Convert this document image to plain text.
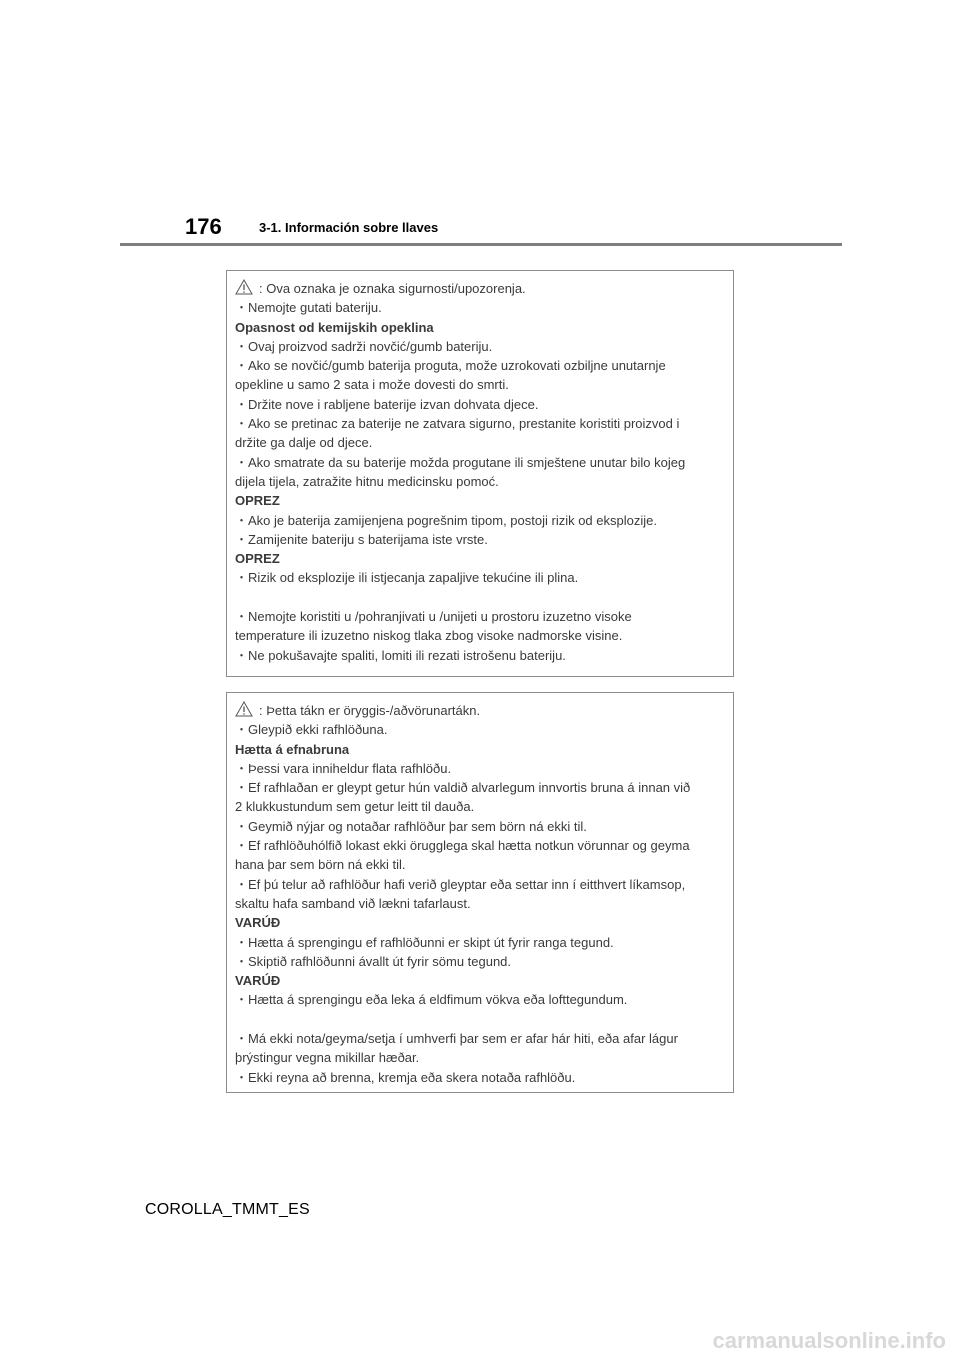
176	3-1. Información sobre llaves
: Ova oznaka je oznaka sigurnosti/upozorenja.
・Nemojte gutati bateriju.
Opasnost od kemijskih opeklina
・Ovaj proizvod sadrži novčić/gumb bateriju.
・Ako se novčić/gumb baterija proguta, može uzrokovati ozbiljne unutarnje
opekline u samo 2 sata i može dovesti do smrti.
・Držite nove i rabljene baterije izvan dohvata djece.
・Ako se pretinac za baterije ne zatvara sigurno, prestanite koristiti proizvod i
držite ga dalje od djece.
・Ako smatrate da su baterije možda progutane ili smještene unutar bilo kojeg
dijela tijela, zatražite hitnu medicinsku pomoć.
OPREZ
・Ako je baterija zamijenjena pogrešnim tipom, postoji rizik od eksplozije.
・Zamijenite bateriju s baterijama iste vrste.
OPREZ
・Rizik od eksplozije ili istjecanja zapaljive tekućine ili plina.
・Nemojte koristiti u /pohranjivati u /unijeti u prostoru izuzetno visoke
temperature ili izuzetno niskog tlaka zbog visoke nadmorske visine.
・Ne pokušavajte spaliti, lomiti ili rezati istrošenu bateriju.
: Þetta tákn er öryggis-/aðvörunartákn.
・Gleypið ekki rafhlöðuna.
Hætta á efnabruna
・Þessi vara inniheldur flata rafhlöðu.
・Ef rafhlaðan er gleypt getur hún valdið alvarlegum innvortis bruna á innan við
2 klukkustundum sem getur leitt til dauða.
・Geymið nýjar og notaðar rafhlöður þar sem börn ná ekki til.
・Ef rafhlöðuhólfið lokast ekki örugglega skal hætta notkun vörunnar og geyma
hana þar sem börn ná ekki til.
・Ef þú telur að rafhlöður hafi verið gleyptar eða settar inn í eitthvert líkamsop,
skaltu hafa samband við lækni tafarlaust.
VARÚÐ
・Hætta á sprengingu ef rafhlöðunni er skipt út fyrir ranga tegund.
・Skiptið rafhlöðunni ávallt út fyrir sömu tegund.
VARÚÐ
・Hætta á sprengingu eða leka á eldfimum vökva eða lofttegundum.
・Má ekki nota/geyma/setja í umhverfi þar sem er afar hár hiti, eða afar lágur
þrýstingur vegna mikillar hæðar.
・Ekki reyna að brenna, kremja eða skera notaða rafhlöðu.
COROLLA_TMMT_ES
carmanualsonline.info
